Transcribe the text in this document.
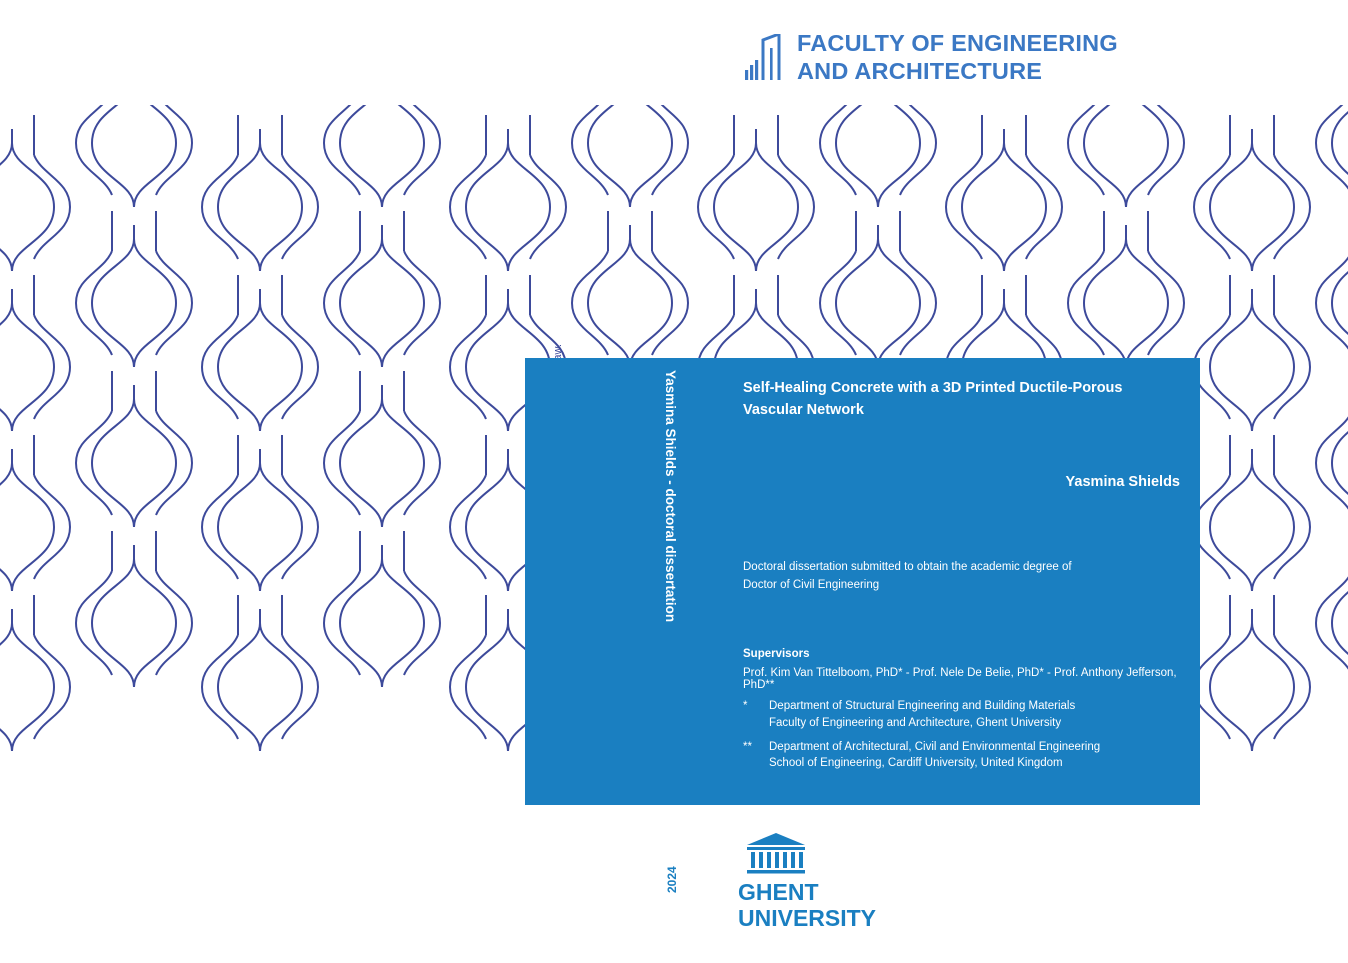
FACULTY OF ENGINEERING
AND ARCHITECTURE
Self-Healing Concrete with a 3D Printed Ductile-Porous Vascular Network
Yasmina Shields
Doctoral dissertation submitted to obtain the academic degree of
Doctor of Civil Engineering
Supervisors
Prof. Kim Van Tittelboom, PhD* - Prof. Nele De Belie, PhD* - Prof. Anthony Jefferson, PhD**
*	Department of Structural Engineering and Building Materials
Faculty of Engineering and Architecture, Ghent University
**	Department of Architectural, Civil and Environmental Engineering
School of Engineering, Cardiff University, United Kingdom
January 2024
Yasmina Shields - doctoral dissertation
2024	GHENT
UNIVERSITY
